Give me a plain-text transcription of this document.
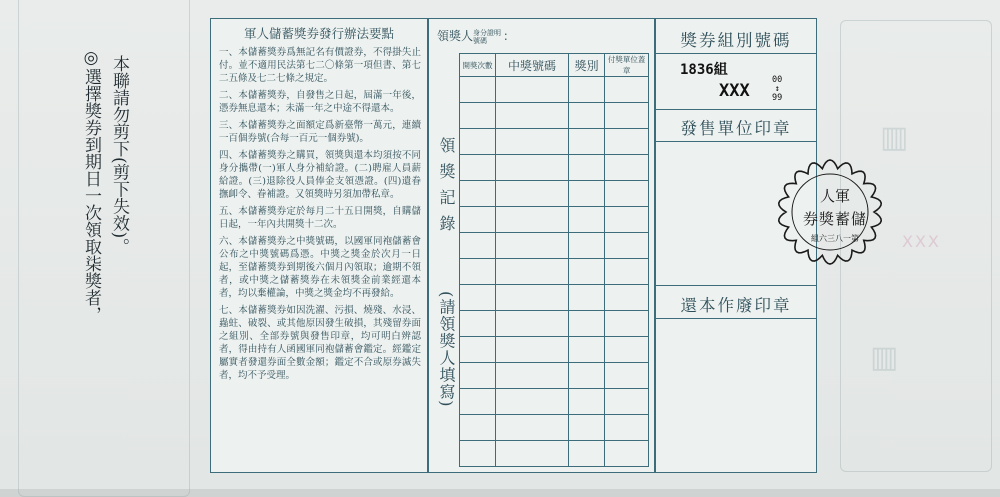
XXX
▥
▥
本聯請勿剪下(剪下失效)。
◎選擇獎券到期日一次領取柒獎者，
軍人儲蓄獎券發行辦法要點
一、本儲蓄獎券爲無記名有價證券，不得掛失止付。並不適用民法第七二〇條第一項但書、第七二五條及七二七條之規定。
二、本儲蓄獎券，自發售之日起，屆滿一年後，憑券無息還本；未滿一年之中途不得還本。
三、本儲蓄獎券之面額定爲新臺幣一萬元，連續一百個券號(合每一百元一個券號)。
四、本儲蓄獎券之購買，領獎與還本均須按不同身分攜帶(一)軍人身分補給證。(二)聘雇人員薪給證。(三)退除役人員俸金支領憑證。(四)遺眷撫卹令、眷補證。又領獎時另須加帶私章。
五、本儲蓄獎券定於每月二十五日開獎，自購儲日起，一年內共開獎十二次。
六、本儲蓄獎券之中獎號碼，以國軍同袍儲蓄會公布之中獎號碼爲憑。中獎之獎金於次月一日起，至儲蓄獎券到期後六個月內領取；逾期不領者，或中獎之儲蓄獎券在未領獎金前業經還本者，均以棄權論，中獎之獎金均不再發給。
七、本儲蓄獎券如因洗濯、污損、燒殘、水浸、蟲蛀、破裂、或其他原因發生破損，其殘留券面之組別、全部券號與發售印章，均可明白辨認者，得由持有人函國軍同袍儲蓄會鑑定。經鑑定屬實者發還券面全數金額；鑑定不合或原券滅失者，均不予受理。
領獎人身分證明號碼 ：
領獎記錄
(請領獎人填寫)
開獎次數	中獎號碼	獎別	付獎單位蓋章

獎券組別號碼
1836組
XXX
00
↕
99
發售單位印章
還本作廢印章
人軍
券獎蓄儲
組六三八一第
